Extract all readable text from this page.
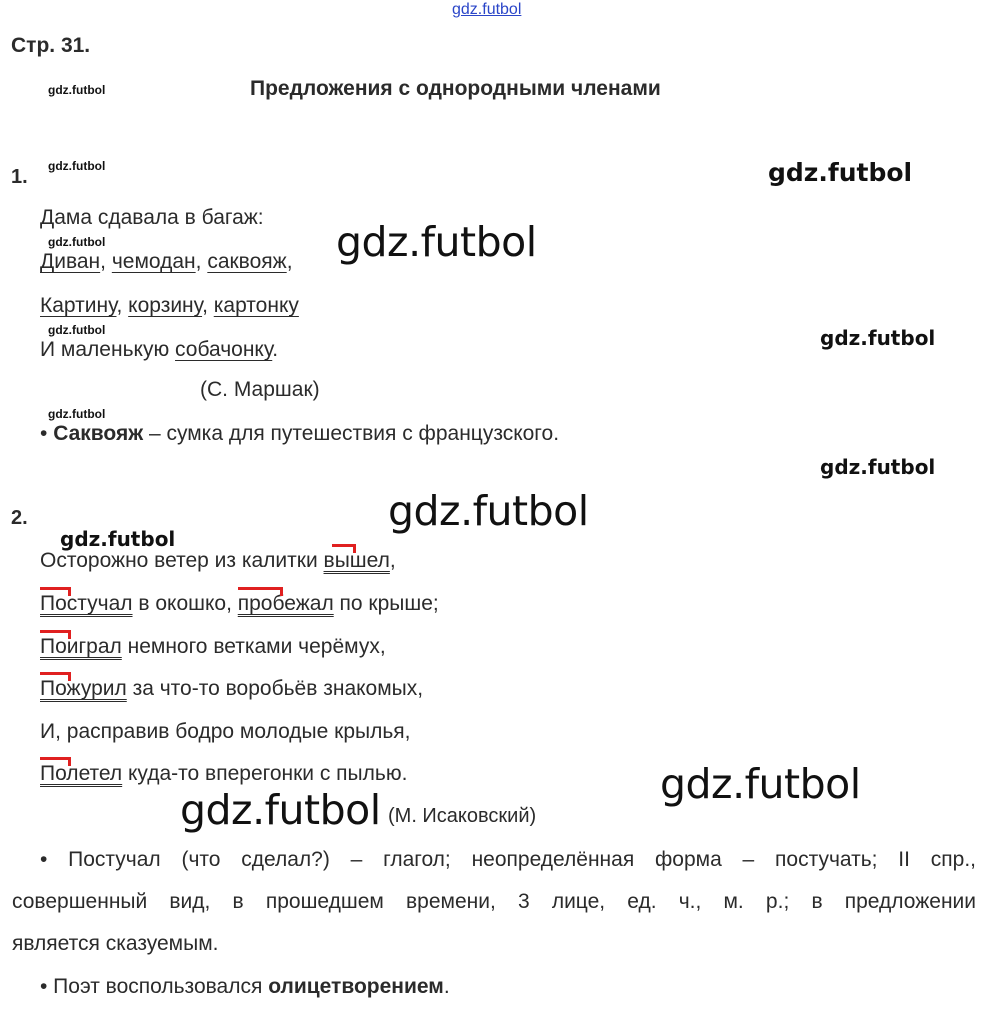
gdz.futbol
gdz.futbol
gdz.futbol
gdz.futbol
gdz.futbol
gdz.futbol
gdz.futbol
gdz.futbol
gdz.futbol
gdz.futbol
gdz.futbol
gdz.futbol
gdz.futbol
gdz.futbol
Стр. 31.
Предложения с однородными членами
1.
Дама сдавала в багаж:
Диван, чемодан, саквояж,
Картину, корзину, картонку
И маленькую собачонку.
(С. Маршак)
• Саквояж – сумка для путешествия с французского.
2.
Осторожно ветер из калитки
вышел,
Постучал в окошко,
пробежал по крыше;
Поиграл немного ветками черёмух,
Пожурил за что-то воробьёв знакомых,
И, расправив бодро молодые крылья,
Полетел куда-то вперегонки с пылью.
(М. Исаковский)
• Постучал (что сделал?) – глагол; неопределённая форма – постучать; II спр.,
совершенный вид, в прошедшем времени, 3 лице, ед. ч., м. р.; в предложении
является сказуемым.
• Поэт воспользовался олицетворением.
